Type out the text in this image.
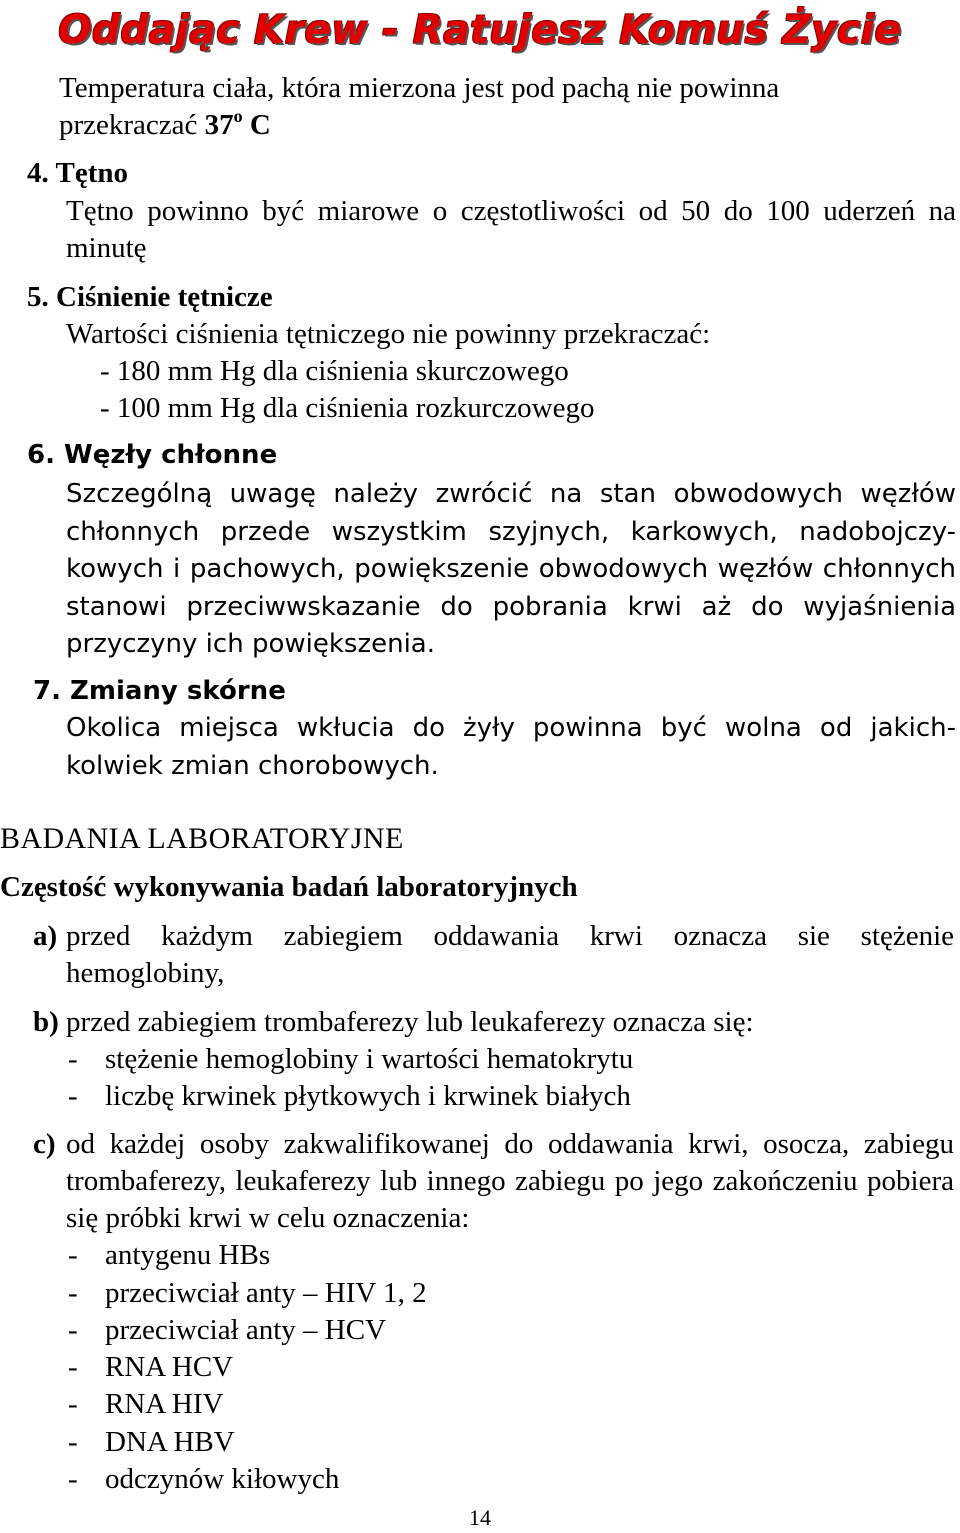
Oddając Krew - Ratujesz Komuś Życie
Temperatura ciała, która mierzona jest pod pachą nie powinna
przekraczać 37$^o$ C
4. Tętno
Tętno powinno być miarowe o częstotliwości od 50 do 100 uderzeń na minutę
5. Ciśnienie tętnicze
Wartości ciśnienia tętniczego nie powinny przekraczać:
- 180 mm Hg dla ciśnienia skurczowego
- 100 mm Hg dla ciśnienia rozkurczowego
6. Węzły chłonne
Szczególną uwagę należy zwrócić na stan obwodowych węzłów chłonnych przede wszystkim szyjnych, karkowych, nadobojczy-kowych i pachowych, powiększenie obwodowych węzłów chłonnych stanowi przeciwwskazanie do pobrania krwi aż do wyjaśnienia przyczyny ich powiększenia.
7. Zmiany skórne
Okolica miejsca wkłucia do żyły powinna być wolna od jakich-kolwiek zmian chorobowych.
BADANIA LABORATORYJNE
Częstość wykonywania badań laboratoryjnych
a) przed każdym zabiegiem oddawania krwi oznacza sie stężenie hemoglobiny,
b) przed zabiegiem trombaferezy lub leukaferezy oznacza się:
- stężenie hemoglobiny i wartości hematokrytu
- liczbę krwinek płytkowych i krwinek białych
c) od każdej osoby zakwalifikowanej do oddawania krwi, osocza, zabiegu trombaferezy, leukaferezy lub innego zabiegu po jego zakończeniu pobiera się próbki krwi w celu oznaczenia:
- antygenu HBs
- przeciwciał anty – HIV 1, 2
- przeciwciał anty – HCV
- RNA HCV
- RNA HIV
- DNA HBV
- odczynów kiłowych
14
